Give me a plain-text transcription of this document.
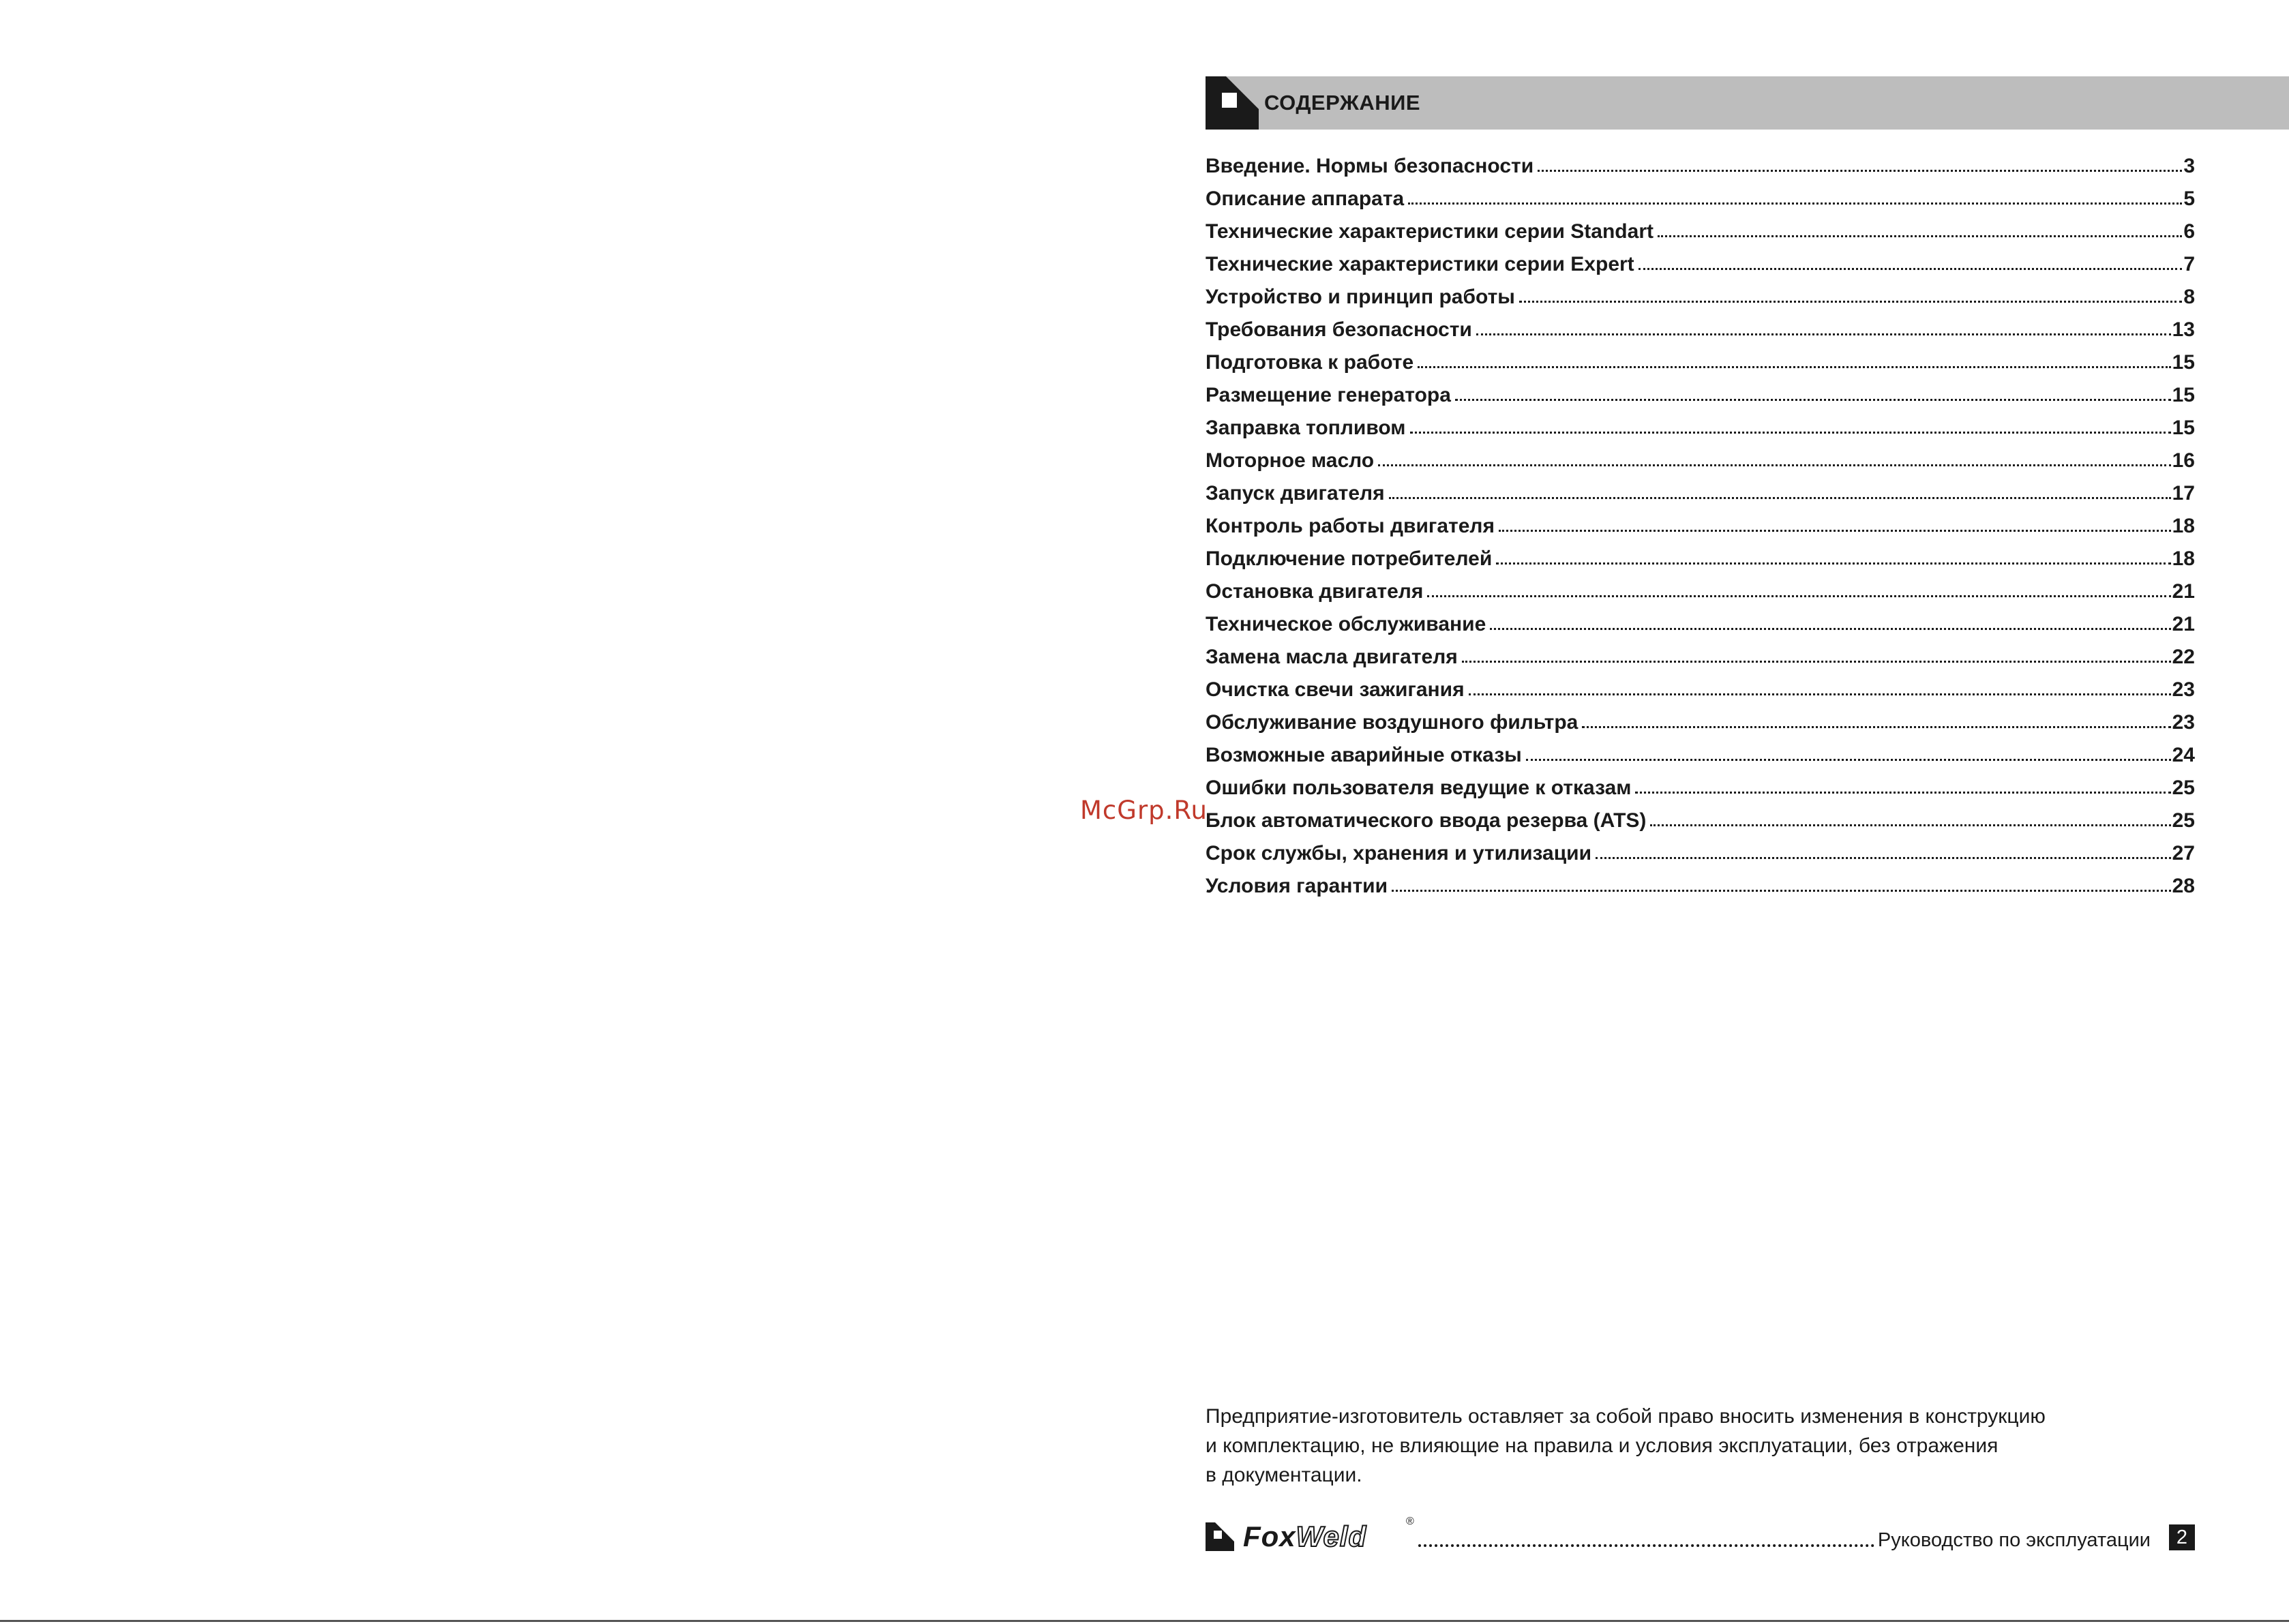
СОДЕРЖАНИЕ
Введение. Нормы безопасности	3
Описание аппарата	5
Технические характеристики серии Standart	6
Технические характеристики серии Expert	7
Устройство и принцип работы	8
Требования безопасности	13
Подготовка к работе	15
Размещение генератора	15
Заправка топливом	15
Моторное масло	16
Запуск двигателя	17
Контроль работы двигателя	18
Подключение потребителей	18
Остановка двигателя	21
Техническое обслуживание	21
Замена масла двигателя	22
Очистка свечи зажигания	23
Обслуживание воздушного фильтра	23
Возможные аварийные отказы	24
Ошибки пользователя ведущие к отказам	25
Блок автоматического ввода резерва (ATS)	25
Срок службы, хранения и утилизации	27
Условия гарантии	28
McGrp.Ru

Предприятие-изготовитель оставляет за собой право вносить изменения в конструкцию
и комплектацию, не влияющие на правила и условия эксплуатации, без отражения
в документации.

FoxWeld	®
Руководство по эксплуатации	2
